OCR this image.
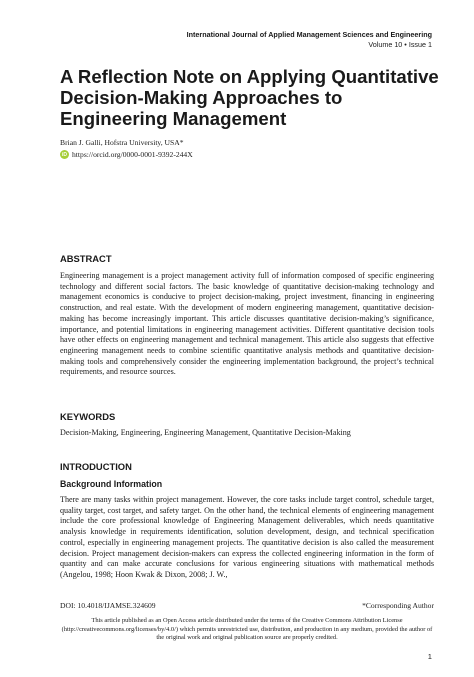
International Journal of Applied Management Sciences and Engineering
Volume 10 • Issue 1
A Reflection Note on Applying Quantitative Decision-Making Approaches to Engineering Management
Brian J. Galli, Hofstra University, USA*
iD https://orcid.org/0000-0001-9392-244X
ABSTRACT

Engineering management is a project management activity full of information composed of specific engineering technology and different social factors. The basic knowledge of quantitative decision-making technology and management economics is conducive to project decision-making, project investment, financing in engineering construction, and real estate. With the development of modern engineering management, quantitative decision-making has become increasingly important. This article discusses quantitative decision-making’s significance, importance, and potential limitations in engineering management activities. Different quantitative decision tools have other effects on engineering management and technical management. This article also suggests that effective engineering management needs to combine scientific quantitative analysis methods and quantitative decision-making tools and comprehensively consider the engineering implementation background, the project’s technical requirements, and resource sources.

KEYWORDS
Decision-Making, Engineering, Engineering Management, Quantitative Decision-Making
INTRODUCTION
Background Information

There are many tasks within project management. However, the core tasks include target control, schedule target, quality target, cost target, and safety target. On the other hand, the technical elements of engineering management include the core professional knowledge of Engineering Management deliverables, which needs quantitative analysis knowledge in requirements identification, solution development, design, and technical specification control, especially in engineering management projects. The quantitative decision is also called the measurement decision. Project management decision-makers can express the collected engineering information in the form of quantity and can make accurate conclusions for various engineering situations with mathematical methods (Angelou, 1998; Hoon Kwak & Dixon, 2008; J. W.,

DOI: 10.4018/IJAMSE.324609	*Corresponding Author
This article published as an Open Access article distributed under the terms of the Creative Commons Attribution License (http://creativecommons.org/licenses/by/4.0/) which permits unrestricted use, distribution, and production in any medium, provided the author of the original work and original publication source are properly credited.
1
